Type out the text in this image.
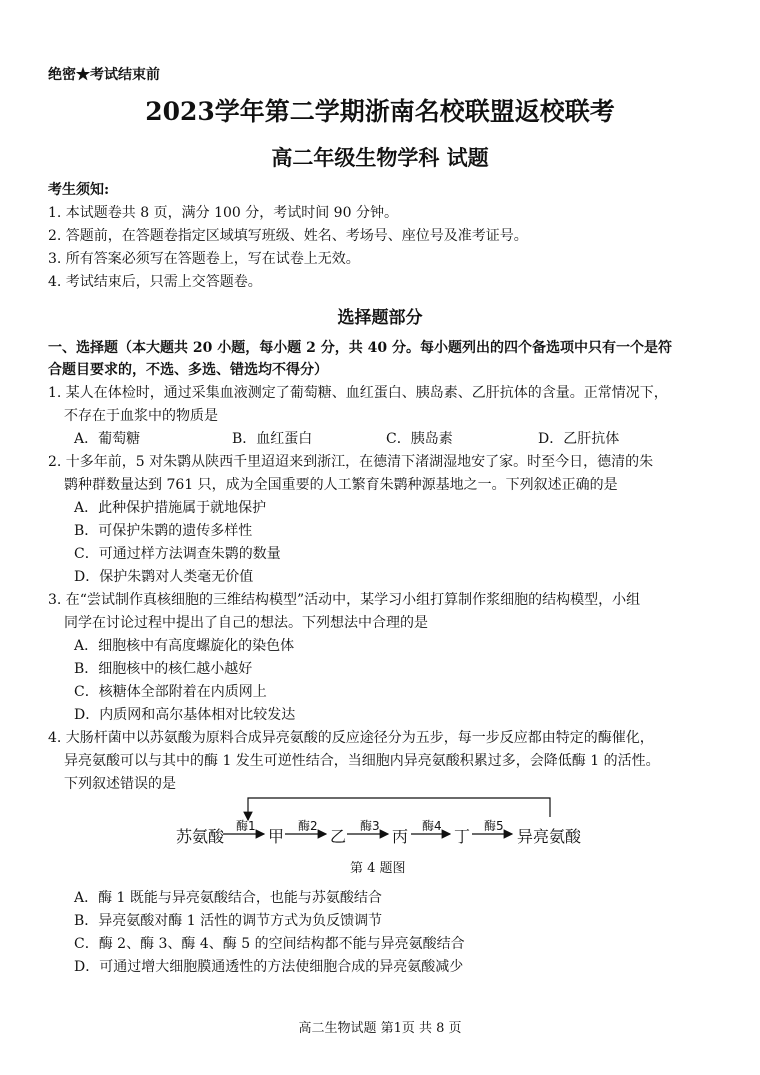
绝密★考试结束前
2023学年第二学期浙南名校联盟返校联考
高二年级生物学科 试题
考生须知:
1. 本试题卷共 8 页，满分 100 分，考试时间 90 分钟。
2. 答题前，在答题卷指定区域填写班级、姓名、考场号、座位号及准考证号。
3. 所有答案必须写在答题卷上，写在试卷上无效。
4. 考试结束后，只需上交答题卷。
选择题部分
一、选择题（本大题共 20 小题，每小题 2 分，共 40 分。每小题列出的四个备选项中只有一个是符
合题目要求的，不选、多选、错选均不得分）
1. 某人在体检时，通过采集血液测定了葡萄糖、血红蛋白、胰岛素、乙肝抗体的含量。正常情况下，
不存在于血浆中的物质是
A．葡萄糖	B．血红蛋白	C．胰岛素	D．乙肝抗体
2. 十多年前，5 对朱鹮从陕西千里迢迢来到浙江，在德清下渚湖湿地安了家。时至今日，德清的朱
鹮种群数量达到 761 只，成为全国重要的人工繁育朱鹮种源基地之一。下列叙述正确的是
A．此种保护措施属于就地保护
B．可保护朱鹮的遗传多样性
C．可通过样方法调查朱鹮的数量
D．保护朱鹮对人类毫无价值
3. 在“尝试制作真核细胞的三维结构模型”活动中，某学习小组打算制作浆细胞的结构模型，小组
同学在讨论过程中提出了自己的想法。下列想法中合理的是
A．细胞核中有高度螺旋化的染色体
B．细胞核中的核仁越小越好
C．核糖体全部附着在内质网上
D．内质网和高尔基体相对比较发达
4. 大肠杆菌中以苏氨酸为原料合成异亮氨酸的反应途径分为五步，每一步反应都由特定的酶催化，
异亮氨酸可以与其中的酶 1 发生可逆性结合，当细胞内异亮氨酸积累过多，会降低酶 1 的活性。
下列叙述错误的是
苏氨酸	甲	乙	丙	丁	异亮氨酸
酶1	酶2	酶3	酶4	酶5
第 4 题图
A．酶 1 既能与异亮氨酸结合，也能与苏氨酸结合
B．异亮氨酸对酶 1 活性的调节方式为负反馈调节
C．酶 2、酶 3、酶 4、酶 5 的空间结构都不能与异亮氨酸结合
D．可通过增大细胞膜通透性的方法使细胞合成的异亮氨酸减少
高二生物试题 第1页 共 8 页
